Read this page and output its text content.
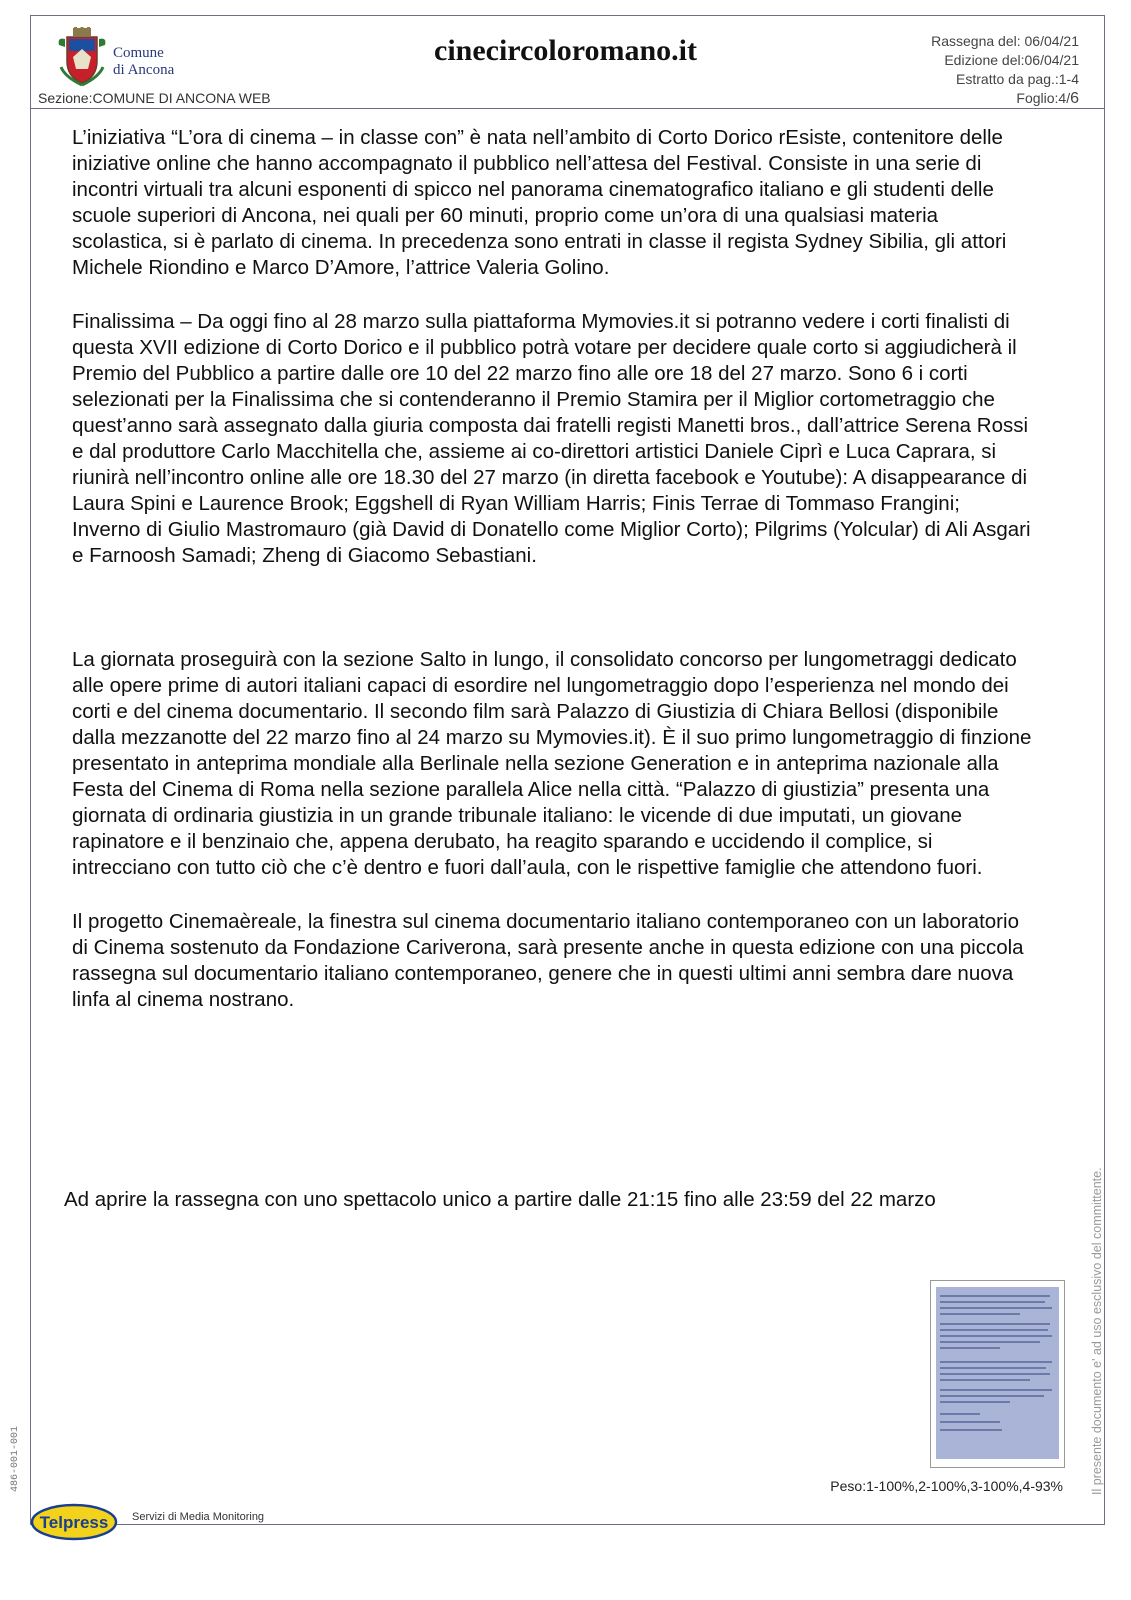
Comune
di Ancona
Sezione:COMUNE DI ANCONA WEB
cinecircoloromano.it	Rassegna del: 06/04/21
Edizione del:06/04/21
Estratto da pag.:1-4
Foglio:4/6

L’iniziativa “L’ora di cinema – in classe con” è nata nell’ambito di Corto Dorico rEsiste, contenitore delle iniziative online che hanno accompagnato il pubblico nell’attesa del Festival. Consiste in una serie di incontri virtuali tra alcuni esponenti di spicco nel panorama cinematografico italiano e gli studenti delle scuole superiori di Ancona, nei quali per 60 minuti, proprio come un’ora di una qualsiasi materia scolastica, si è parlato di cinema. In precedenza sono entrati in classe il regista Sydney Sibilia, gli attori Michele Riondino e Marco D’Amore, l’attrice Valeria Golino.

Finalissima – Da oggi fino al 28 marzo sulla piattaforma Mymovies.it si potranno vedere i corti finalisti di questa XVII edizione di Corto Dorico e il pubblico potrà votare per decidere quale corto si aggiudicherà il Premio del Pubblico a partire dalle ore 10 del 22 marzo fino alle ore 18 del 27 marzo. Sono 6 i corti selezionati per la Finalissima che si contenderanno il Premio Stamira per il Miglior cortometraggio che quest’anno sarà assegnato dalla giuria composta dai fratelli registi Manetti bros., dall’attrice Serena Rossi e dal produttore Carlo Macchitella che, assieme ai co-direttori artistici Daniele Ciprì e Luca Caprara, si riunirà nell’incontro online alle ore 18.30 del 27 marzo (in diretta facebook e Youtube): A disappearance di Laura Spini e Laurence Brook; Eggshell di Ryan William Harris; Finis Terrae di Tommaso Frangini; Inverno di Giulio Mastromauro (già David di Donatello come Miglior Corto); Pilgrims (Yolcular) di Ali Asgari e Farnoosh Samadi; Zheng di Giacomo Sebastiani.

La giornata proseguirà con la sezione Salto in lungo, il consolidato concorso per lungometraggi dedicato alle opere prime di autori italiani capaci di esordire nel lungometraggio dopo l’esperienza nel mondo dei corti e del cinema documentario. Il secondo film sarà Palazzo di Giustizia di Chiara Bellosi (disponibile dalla mezzanotte del 22 marzo fino al 24 marzo su Mymovies.it). È il suo primo lungometraggio di finzione presentato in anteprima mondiale alla Berlinale nella sezione Generation e in anteprima nazionale alla Festa del Cinema di Roma nella sezione parallela Alice nella città. “Palazzo di giustizia” presenta una giornata di ordinaria giustizia in un grande tribunale italiano: le vicende di due imputati, un giovane rapinatore e il benzinaio che, appena derubato, ha reagito sparando e uccidendo il complice, si intrecciano con tutto ciò che c’è dentro e fuori dall’aula, con le rispettive famiglie che attendono fuori.

Il progetto Cinemaèreale, la finestra sul cinema documentario italiano contemporaneo con un laboratorio di Cinema sostenuto da Fondazione Cariverona, sarà presente anche in questa edizione con una piccola rassegna sul documentario italiano contemporaneo, genere che in questi ultimi anni sembra dare nuova linfa al cinema nostrano.

Ad aprire la rassegna con uno spettacolo unico a partire dalle 21:15 fino alle 23:59 del 22 marzo
Peso:1-100%,2-100%,3-100%,4-93% Il presente documento e' ad uso esclusivo del committente.
486-001-001
Telpress Servizi di Media Monitoring
